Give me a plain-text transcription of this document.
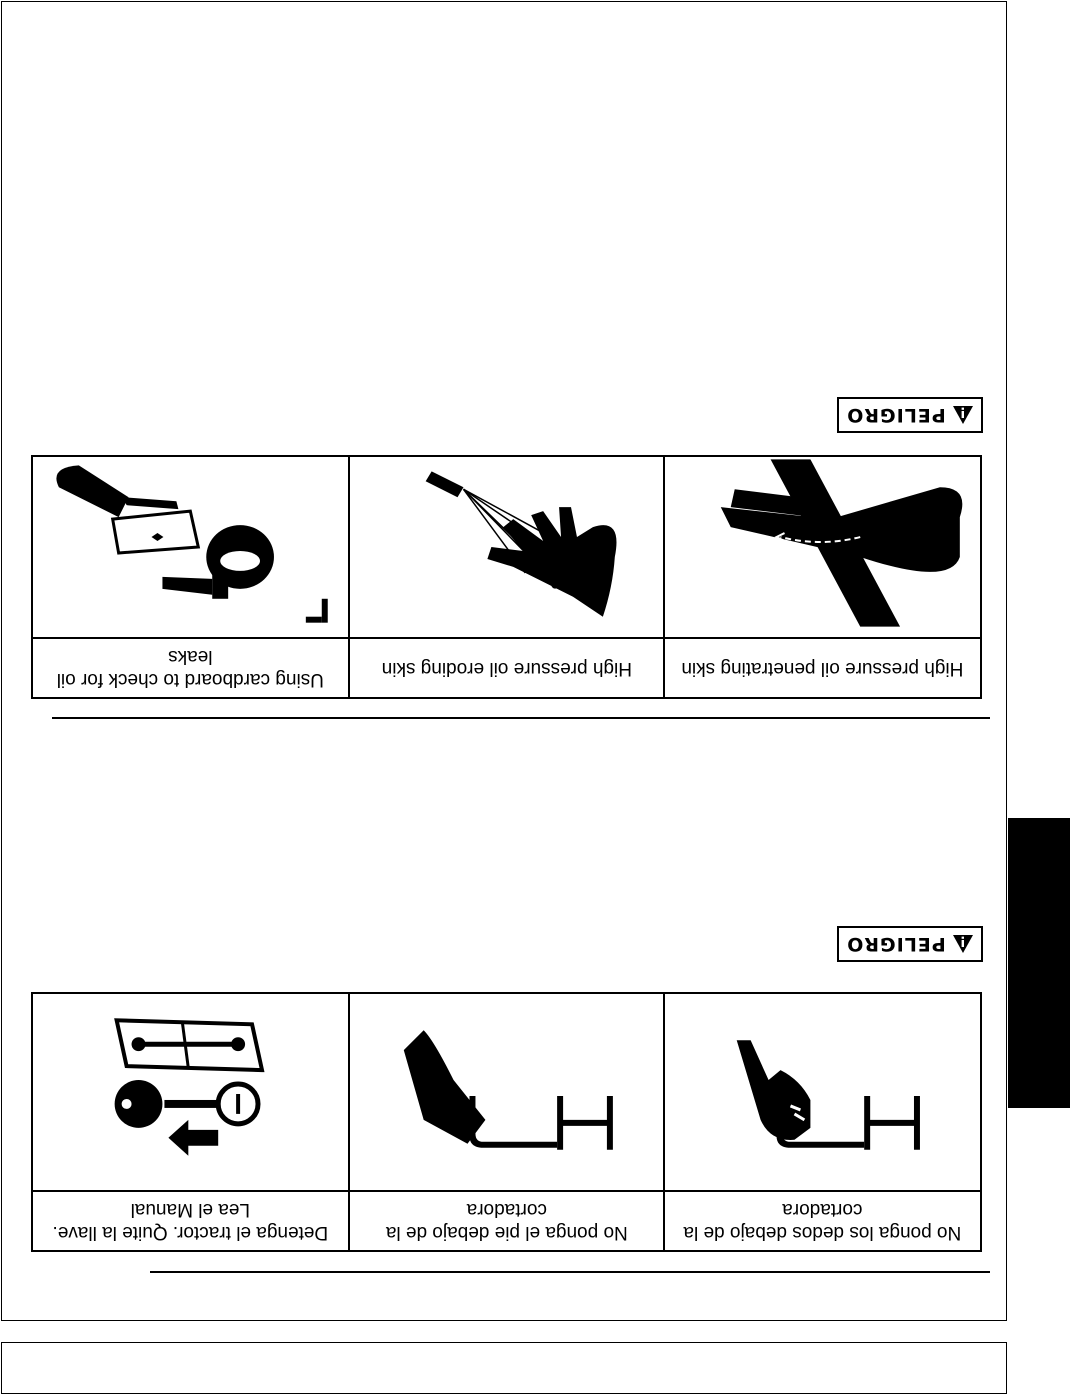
PELIGRO

Using cardboard to check for oil leaks	High pressure oil eroding skin	High pressure oil penetrating skin
PELIGRO

Detenga el tractor. Quite la llave. Lea el Manual	No ponga el pie debajo de la cortadora	No ponga los dedos debajo de la cortadora
